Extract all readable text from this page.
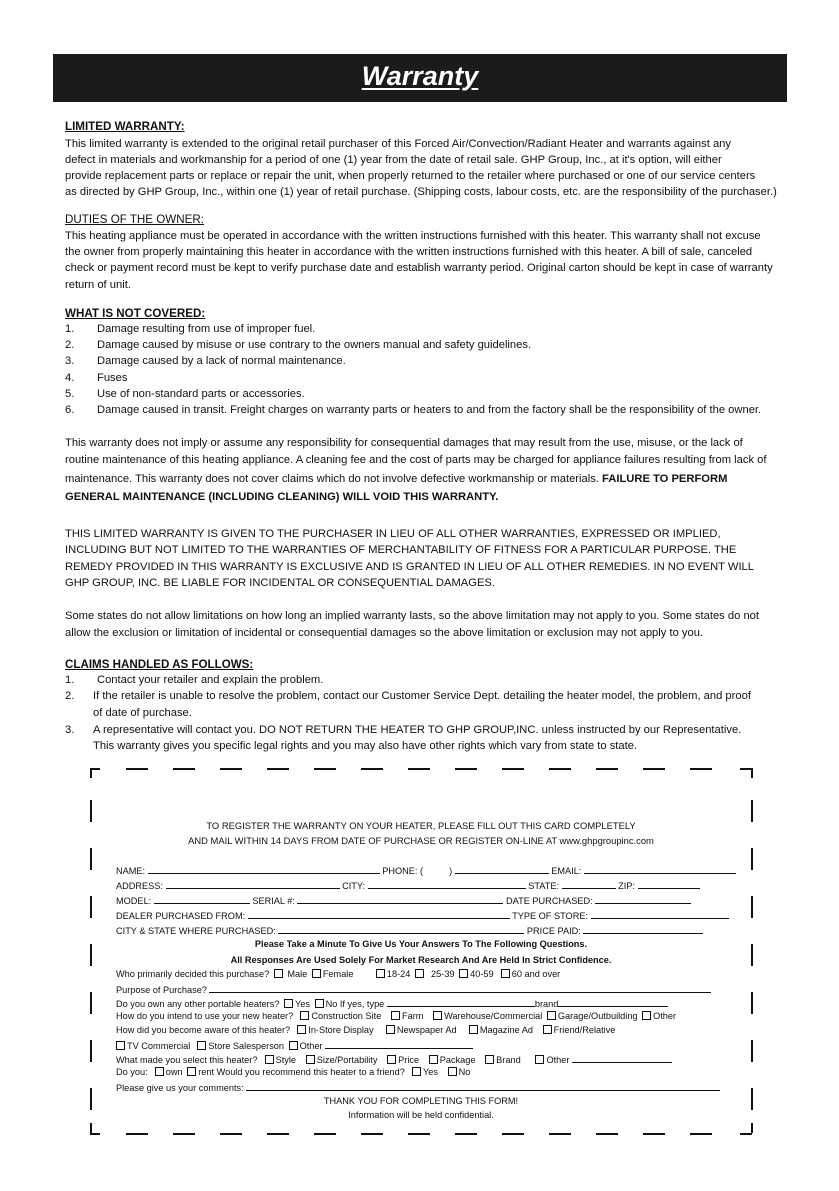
Warranty
LIMITED WARRANTY:
This limited warranty is extended to the original retail purchaser of this Forced Air/Convection/Radiant Heater and warrants against any
defect in materials and workmanship for a period of one (1) year from the date of retail sale. GHP Group, Inc., at it's option, will either
provide replacement parts or replace or repair the unit, when properly returned to the retailer where purchased or one of our service centers
as directed by GHP Group, Inc., within one (1) year of retail purchase. (Shipping costs, labour costs, etc. are the responsibility of the purchaser.)
DUTIES OF THE OWNER:
This heating appliance must be operated in accordance with the written instructions furnished with this heater. This warranty shall not excuse
the owner from properly maintaining this heater in accordance with the written instructions furnished with this heater. A bill of sale, canceled
check or payment record must be kept to verify purchase date and establish warranty period. Original carton should be kept in case of warranty
return of unit.
WHAT IS NOT COVERED:
1. Damage resulting from use of improper fuel.
2. Damage caused by misuse or use contrary to the owners manual and safety guidelines.
3. Damage caused by a lack of normal maintenance.
4. Fuses
5. Use of non-standard parts or accessories.
6. Damage caused in transit. Freight charges on warranty parts or heaters to and from the factory shall be the responsibility of the owner.
This warranty does not imply or assume any responsibility for consequential damages that may result from the use, misuse, or the lack of
routine maintenance of this heating appliance. A cleaning fee and the cost of parts may be charged for appliance failures resulting from lack of
maintenance. This warranty does not cover claims which do not involve defective workmanship or materials. FAILURE TO PERFORM
GENERAL MAINTENANCE (INCLUDING CLEANING) WILL VOID THIS WARRANTY.
THIS LIMITED WARRANTY IS GIVEN TO THE PURCHASER IN LIEU OF ALL OTHER WARRANTIES, EXPRESSED OR IMPLIED,
INCLUDING BUT NOT LIMITED TO THE WARRANTIES OF MERCHANTABILITY OF FITNESS FOR A PARTICULAR PURPOSE. THE
REMEDY PROVIDED IN THIS WARRANTY IS EXCLUSIVE AND IS GRANTED IN LIEU OF ALL OTHER REMEDIES. IN NO EVENT WILL
GHP GROUP, INC. BE LIABLE FOR INCIDENTAL OR CONSEQUENTIAL DAMAGES.
Some states do not allow limitations on how long an implied warranty lasts, so the above limitation may not apply to you. Some states do not
allow the exclusion or limitation of incidental or consequential damages so the above limitation or exclusion may not apply to you.
CLAIMS HANDLED AS FOLLOWS:
1. Contact your retailer and explain the problem.
2. If the retailer is unable to resolve the problem, contact our Customer Service Dept. detailing the heater model, the problem, and proof
of date of purchase.
3. A representative will contact you. DO NOT RETURN THE HEATER TO GHP GROUP,INC. unless instructed by our Representative.
This warranty gives you specific legal rights and you may also have other rights which vary from state to state.
TO REGISTER THE WARRANTY ON YOUR HEATER, PLEASE FILL OUT THIS CARD COMPLETELY
AND MAIL WITHIN 14 DAYS FROM DATE OF PURCHASE OR REGISTER ON-LINE AT www.ghpgroupinc.com
NAME:	PHONE: (	)	EMAIL:
ADDRESS:	CITY:	STATE:	ZIP:
MODEL:	SERIAL #:	DATE PURCHASED:
DEALER PURCHASED FROM:	TYPE OF STORE:
CITY & STATE WHERE PURCHASED:	PRICE PAID:
Please Take a Minute To Give Us Your Answers To The Following Questions.
All Responses Are Used Solely For Market Research And Are Held In Strict Confidence.
Who primarily decided this purchase? Male Female	18-24 25-39 40-59 60 and over
Purpose of Purchase?
Do you own any other portable heaters? Yes No If yes, type	brand
How do you intend to use your new heater? Construction Site Farm Warehouse/Commercial Garage/Outbuilding Other
How did you become aware of this heater? In-Store Display	Newspaper Ad	Magazine Ad Friend/Relative
TV Commercial Store Salesperson Other
What made you select this heater? Style Size/Portability Price Package Brand	Other
Do you: own rent Would you recommend this heater to a friend? Yes No
Please give us your comments:
THANK YOU FOR COMPLETING THIS FORM!
Information will be held confidential.
